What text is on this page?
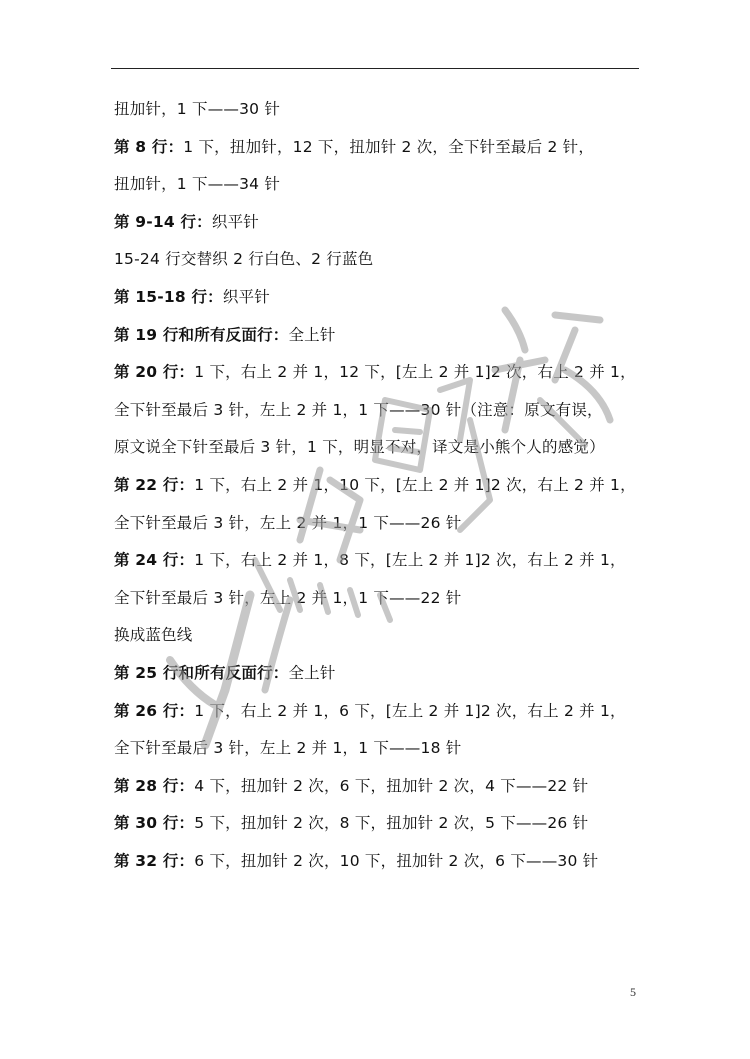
扭加针，1 下——30 针
第 8 行：1 下，扭加针，12 下，扭加针 2 次，全下针至最后 2 针，
扭加针，1 下——34 针
第 9-14 行：织平针
15-24 行交替织 2 行白色、2 行蓝色
第 15-18 行：织平针
第 19 行和所有反面行：全上针
第 20 行：1 下，右上 2 并 1，12 下，[左上 2 并 1]2 次，右上 2 并 1，
全下针至最后 3 针，左上 2 并 1，1 下——30 针（注意：原文有误，
原文说全下针至最后 3 针，1 下，明显不对，译文是小熊个人的感觉）
第 22 行：1 下，右上 2 并 1，10 下，[左上 2 并 1]2 次，右上 2 并 1，
全下针至最后 3 针，左上 2 并 1，1 下——26 针
第 24 行：1 下，右上 2 并 1，8 下，[左上 2 并 1]2 次，右上 2 并 1，
全下针至最后 3 针，左上 2 并 1，1 下——22 针
换成蓝色线
第 25 行和所有反面行：全上针
第 26 行：1 下，右上 2 并 1，6 下，[左上 2 并 1]2 次，右上 2 并 1，
全下针至最后 3 针，左上 2 并 1，1 下——18 针
第 28 行：4 下，扭加针 2 次，6 下，扭加针 2 次，4 下——22 针
第 30 行：5 下，扭加针 2 次，8 下，扭加针 2 次，5 下——26 针
第 32 行：6 下，扭加针 2 次，10 下，扭加针 2 次，6 下——30 针
5
